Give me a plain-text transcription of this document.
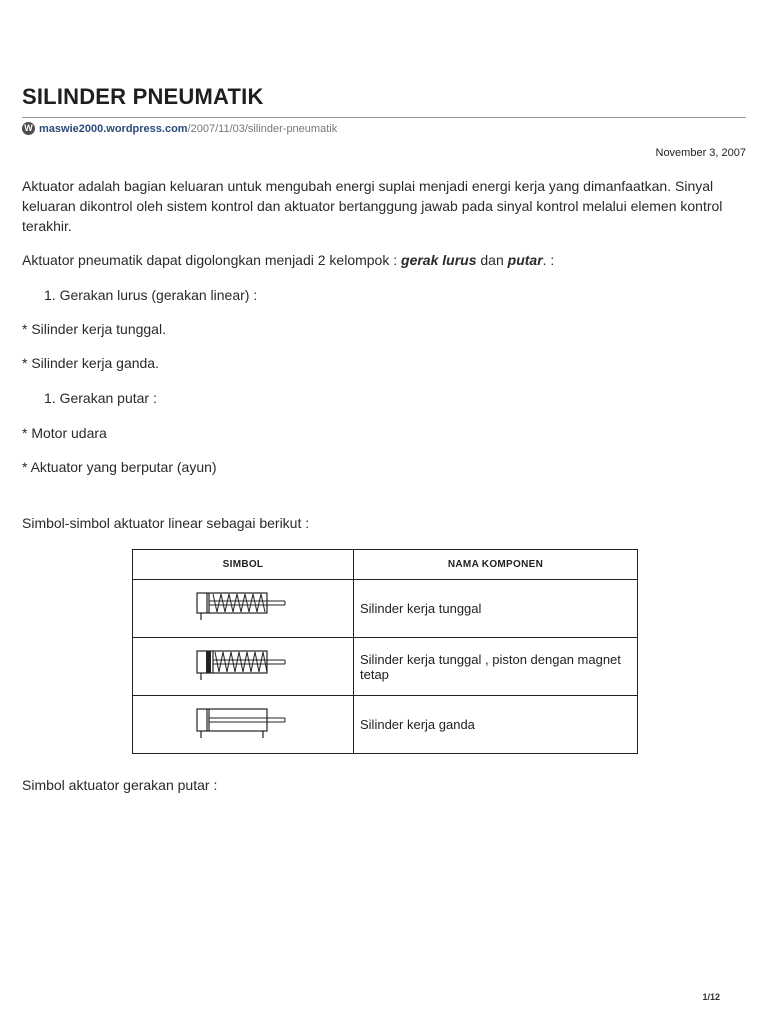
SILINDER PNEUMATIK
W maswie2000.wordpress.com /2007/11/03/silinder-pneumatik
November 3, 2007

Aktuator adalah bagian keluaran untuk mengubah energi suplai menjadi energi kerja yang dimanfaatkan. Sinyal keluaran dikontrol oleh sistem kontrol dan aktuator bertanggung jawab pada sinyal kontrol melalui elemen kontrol terakhir.

Aktuator pneumatik dapat digolongkan menjadi 2 kelompok : gerak lurus dan putar. :

1. Gerakan lurus (gerakan linear) :
* Silinder kerja tunggal.
* Silinder kerja ganda.
1. Gerakan putar :
* Motor udara
* Aktuator yang berputar (ayun)

Simbol-simbol aktuator linear sebagai berikut :

SIMBOL	NAMA KOMPONEN
	Silinder kerja tunggal
	Silinder kerja tunggal , piston dengan magnet tetap
	Silinder kerja ganda

Simbol aktuator gerakan putar :

1/12
